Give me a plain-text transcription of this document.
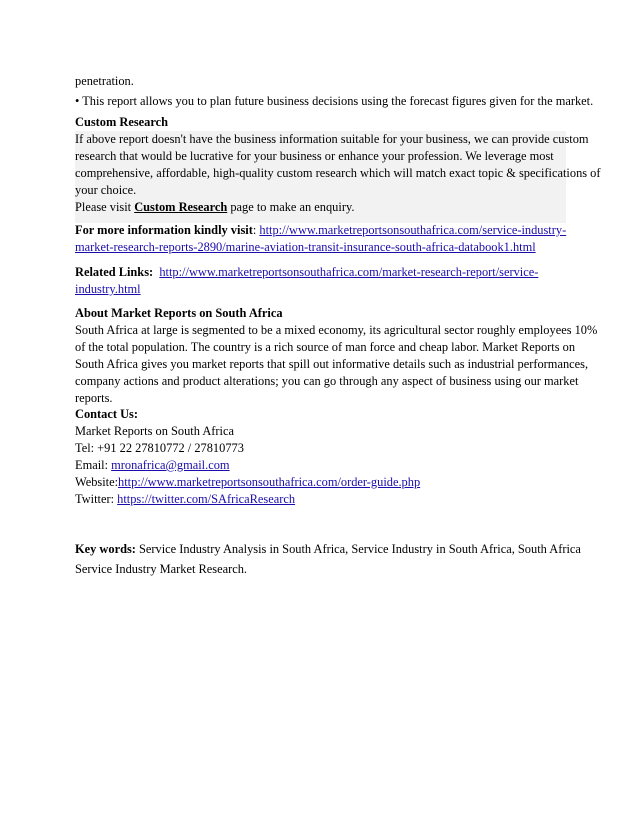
penetration.
• This report allows you to plan future business decisions using the forecast figures given for the market.
Custom Research
If above report doesn't have the business information suitable for your business, we can provide custom
research that would be lucrative for your business or enhance your profession. We leverage most
comprehensive, affordable, high-quality custom research which will match exact topic & specifications of
your choice.
Please visit Custom Research page to make an enquiry.
For more information kindly visit: http://www.marketreportsonsouthafrica.com/service-industry-
market-research-reports-2890/marine-aviation-transit-insurance-south-africa-databook1.html
Related Links: http://www.marketreportsonsouthafrica.com/market-research-report/service-
industry.html
About Market Reports on South Africa
South Africa at large is segmented to be a mixed economy, its agricultural sector roughly employees 10%
of the total population. The country is a rich source of man force and cheap labor. Market Reports on
South Africa gives you market reports that spill out informative details such as industrial performances,
company actions and product alterations; you can go through any aspect of business using our market
reports.
Contact Us:
Market Reports on South Africa
Tel: +91 22 27810772 / 27810773
Email: mronafrica@gmail.com
Website:http://www.marketreportsonsouthafrica.com/order-guide.php
Twitter: https://twitter.com/SAfricaResearch
Key words: Service Industry Analysis in South Africa, Service Industry in South Africa, South Africa
Service Industry Market Research.
